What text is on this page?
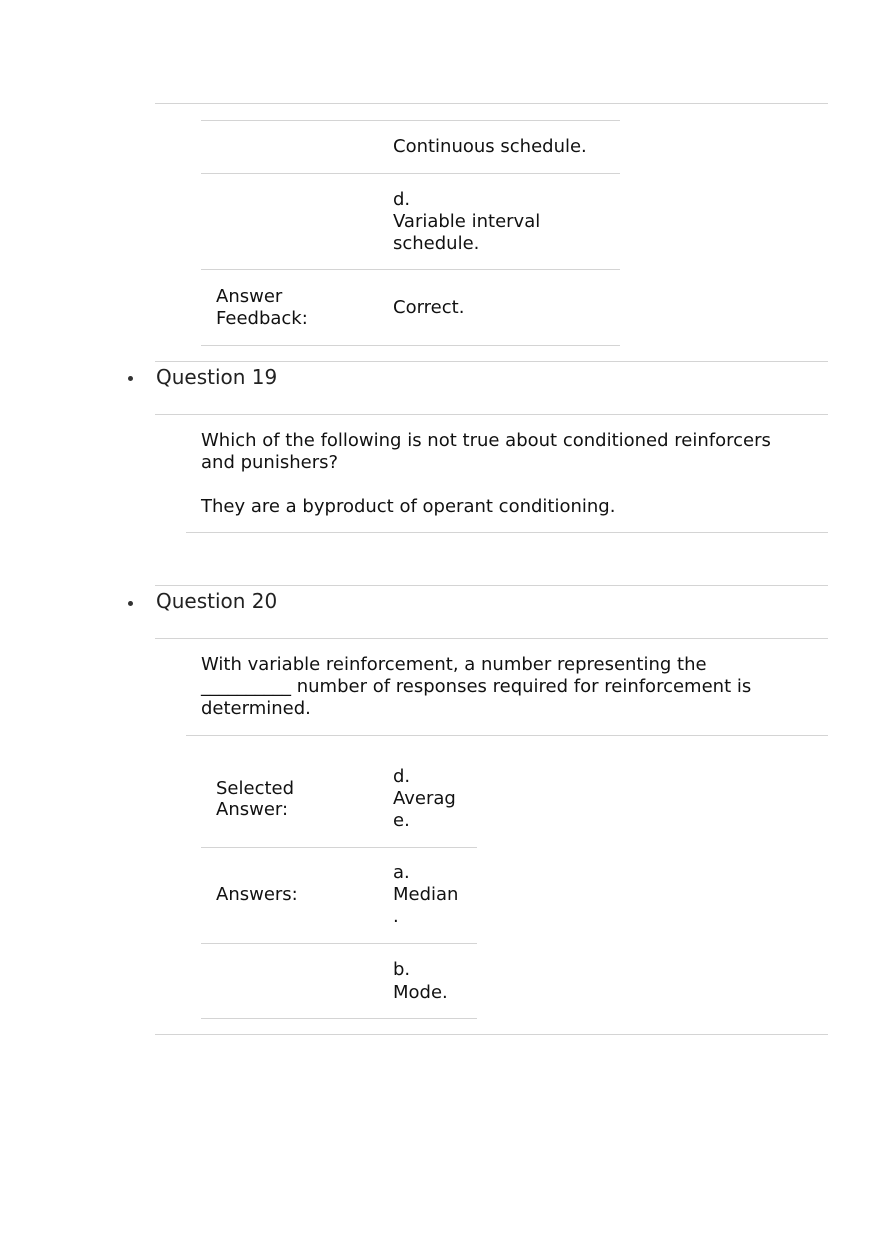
Continuous schedule.
d.
Variable interval
schedule.
Answer
Feedback:
Correct.
Question 19
Which of the following is not true about conditioned reinforcers
and punishers?
They are a byproduct of operant conditioning.
Question 20
With variable reinforcement, a number representing the
__________ number of responses required for reinforcement is
determined.
Selected
Answer:
d.
Averag
e.
Answers:
a.
Median
.
b.
Mode.
